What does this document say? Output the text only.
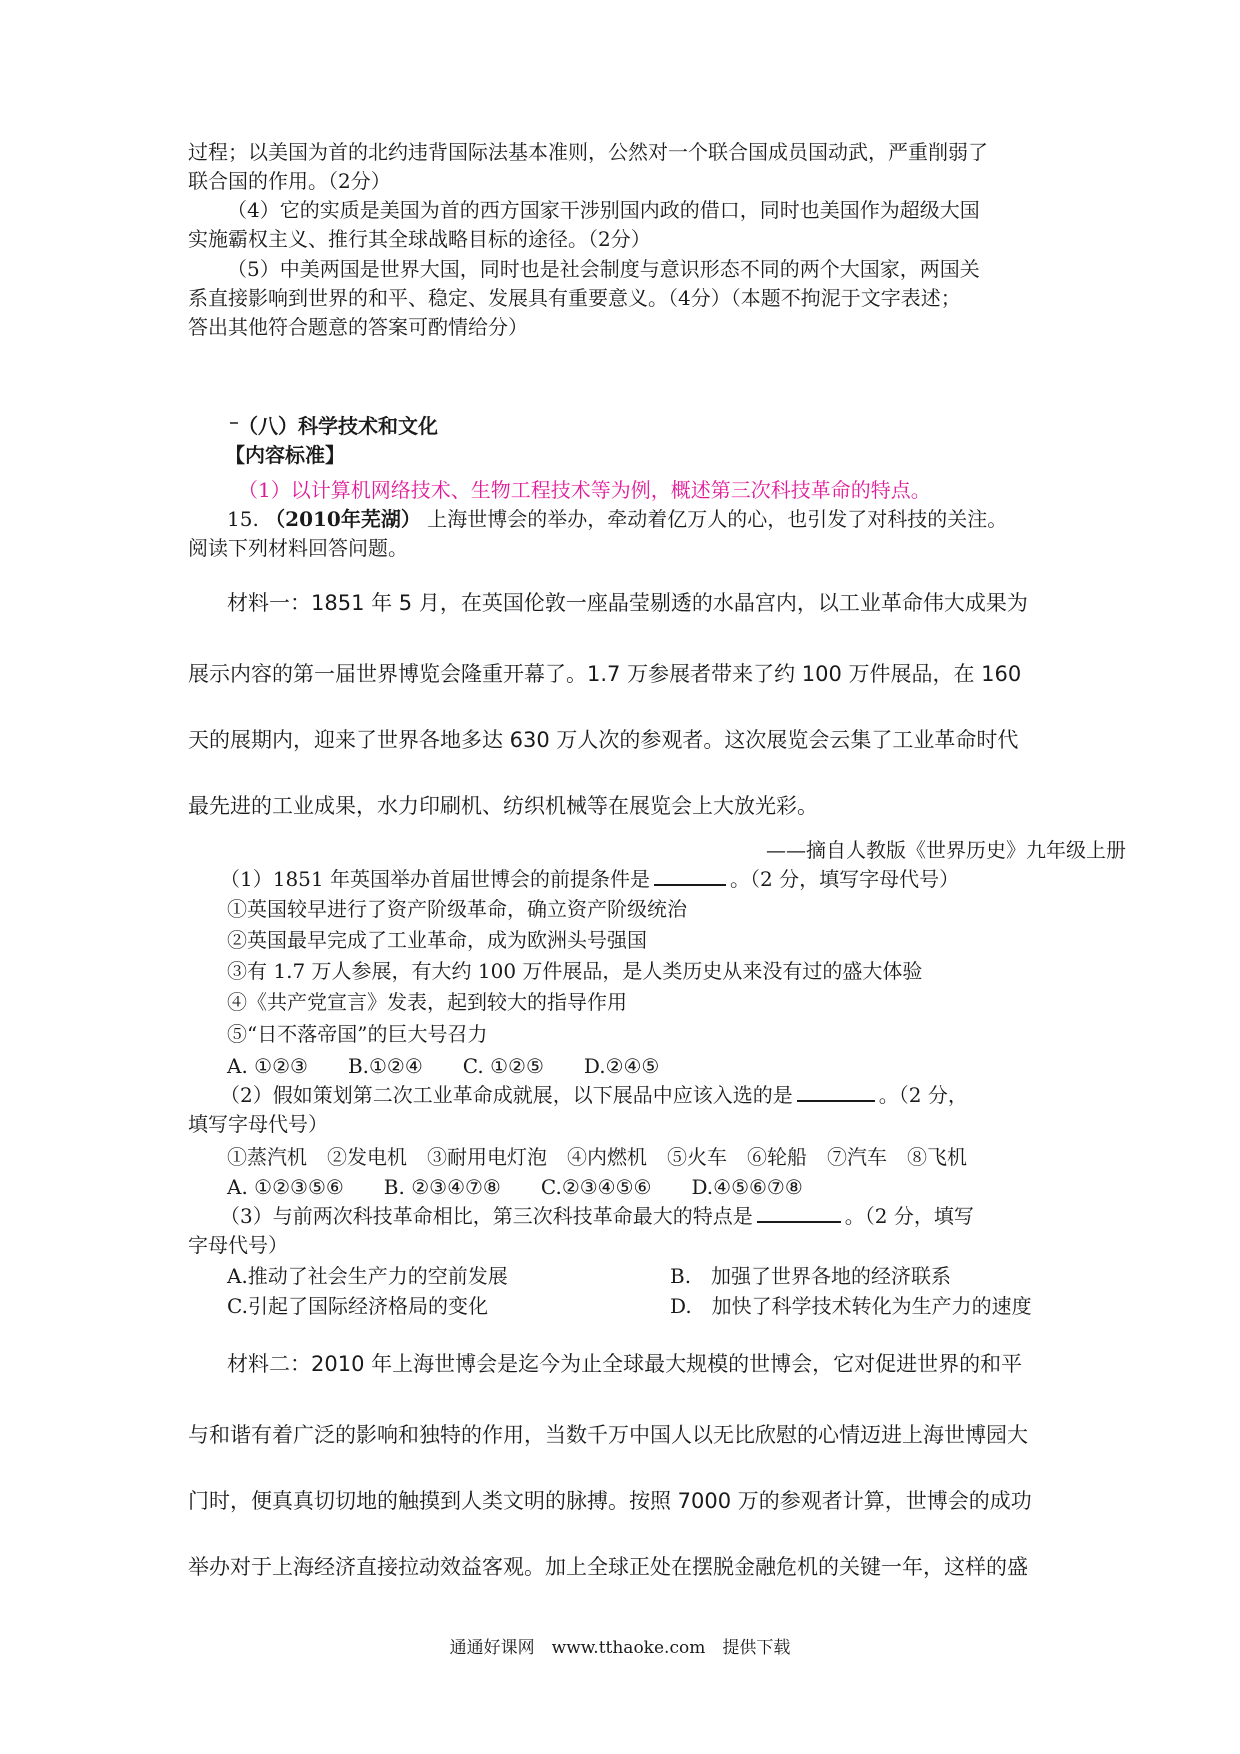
过程；以美国为首的北约违背国际法基本准则，公然对一个联合国成员国动武，严重削弱了
联合国的作用。（2分）
（4）它的实质是美国为首的西方国家干涉别国内政的借口，同时也美国作为超级大国
实施霸权主义、推行其全球战略目标的途径。（2分）
（5）中美两国是世界大国，同时也是社会制度与意识形态不同的两个大国家，两国关
系直接影响到世界的和平、稳定、发展具有重要意义。（4分）（本题不拘泥于文字表述；
答出其他符合题意的答案可酌情给分）
（八）科学技术和文化
【内容标准】
（1）以计算机网络技术、生物工程技术等为例，概述第三次科技革命的特点。
15. （2010年芜湖） 上海世博会的举办，牵动着亿万人的心，也引发了对科技的关注。
阅读下列材料回答问题。
材料一：1851 年 5 月，在英国伦敦一座晶莹剔透的水晶宫内，以工业革命伟大成果为
展示内容的第一届世界博览会隆重开幕了。1.7 万参展者带来了约 100 万件展品，在 160
天的展期内，迎来了世界各地多达 630 万人次的参观者。这次展览会云集了工业革命时代
最先进的工业成果，水力印刷机、纺织机械等在展览会上大放光彩。
——摘自人教版《世界历史》九年级上册
（1）1851 年英国举办首届世博会的前提条件是	。（2 分，填写字母代号）
①英国较早进行了资产阶级革命，确立资产阶级统治
②英国最早完成了工业革命，成为欧洲头号强国
③有 1.7 万人参展，有大约 100 万件展品，是人类历史从来没有过的盛大体验
④《共产党宣言》发表，起到较大的指导作用
⑤“日不落帝国”的巨大号召力
A. ①②③　　B.①②④　　C. ①②⑤　　D.②④⑤
（2）假如策划第二次工业革命成就展，以下展品中应该入选的是	。（2 分，
填写字母代号）
①蒸汽机　②发电机　③耐用电灯泡　④内燃机　⑤火车　⑥轮船　⑦汽车　⑧飞机
A. ①②③⑤⑥　　B. ②③④⑦⑧　　C.②③④⑤⑥　　D.④⑤⑥⑦⑧
（3）与前两次科技革命相比，第三次科技革命最大的特点是	。（2 分，填写
字母代号）
A.推动了社会生产力的空前发展	B.　加强了世界各地的经济联系
C.引起了国际经济格局的变化	D.　加快了科学技术转化为生产力的速度
材料二：2010 年上海世博会是迄今为止全球最大规模的世博会，它对促进世界的和平
与和谐有着广泛的影响和独特的作用，当数千万中国人以无比欣慰的心情迈进上海世博园大
门时，便真真切切地的触摸到人类文明的脉搏。按照 7000 万的参观者计算，世博会的成功
举办对于上海经济直接拉动效益客观。加上全球正处在摆脱金融危机的关键一年，这样的盛
通通好课网　www.tthaoke.com　提供下载
